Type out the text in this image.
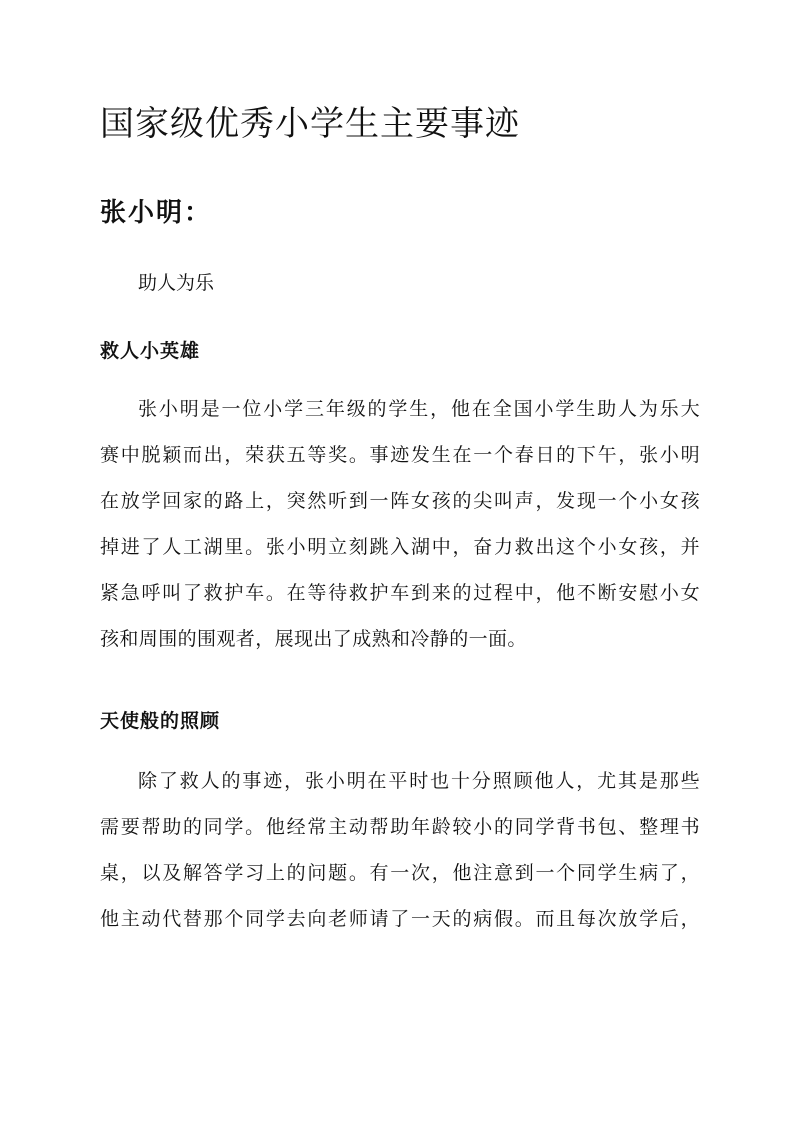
国家级优秀小学生主要事迹
张小明：

助人为乐

救人小英雄
张小明是一位小学三年级的学生，他在全国小学生助人为乐大
赛中脱颖而出，荣获五等奖。事迹发生在一个春日的下午，张小明
在放学回家的路上，突然听到一阵女孩的尖叫声，发现一个小女孩
掉进了人工湖里。张小明立刻跳入湖中，奋力救出这个小女孩，并
紧急呼叫了救护车。在等待救护车到来的过程中，他不断安慰小女
孩和周围的围观者，展现出了成熟和冷静的一面。
天使般的照顾
除了救人的事迹，张小明在平时也十分照顾他人，尤其是那些
需要帮助的同学。他经常主动帮助年龄较小的同学背书包、整理书
桌，以及解答学习上的问题。有一次，他注意到一个同学生病了，
他主动代替那个同学去向老师请了一天的病假。而且每次放学后，
